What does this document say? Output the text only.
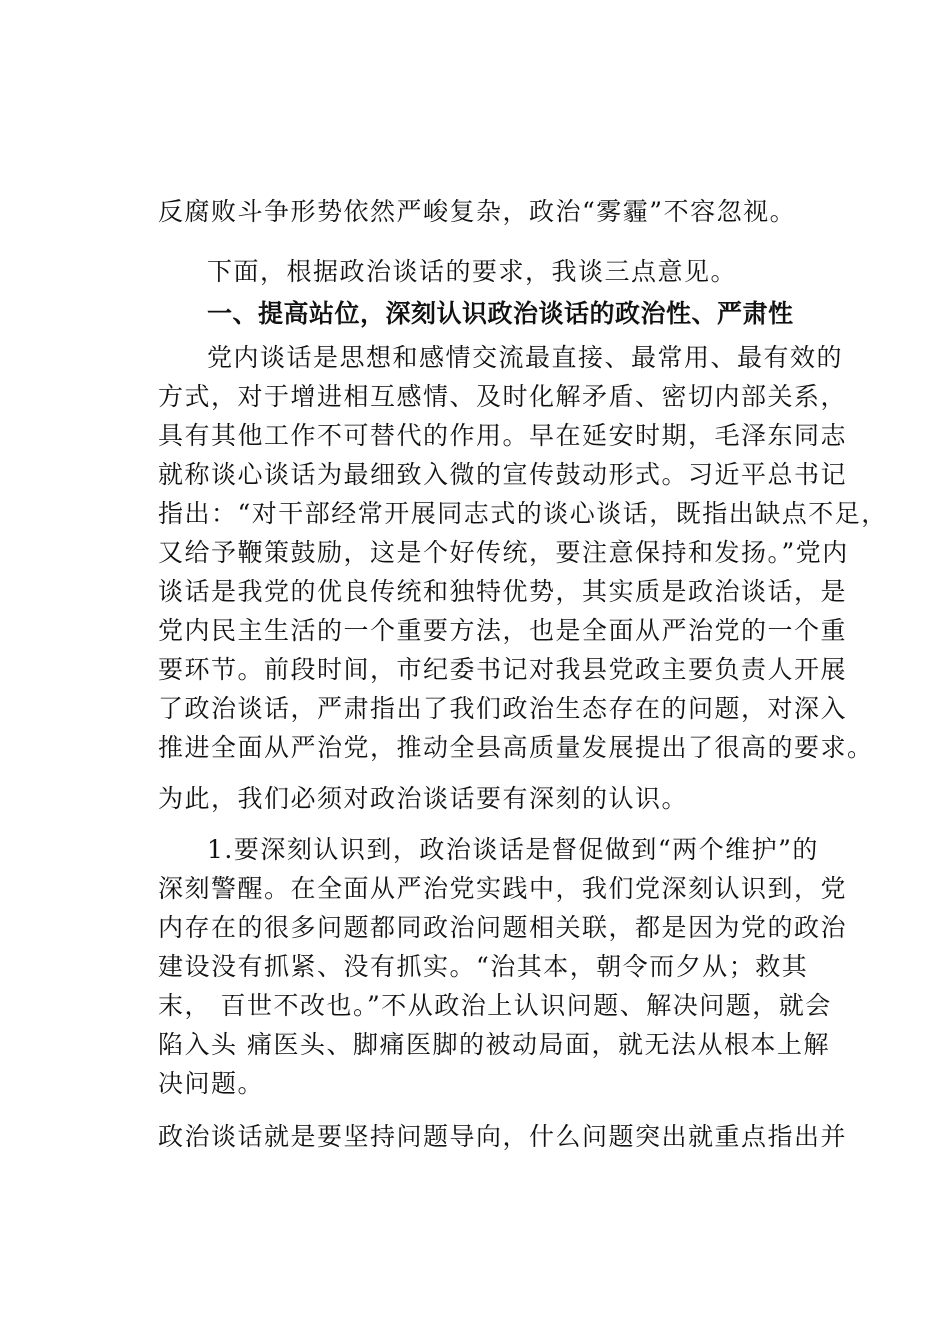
反腐败斗争形势依然严峻复杂，政治“雾霾”不容忽视。

下面，根据政治谈话的要求，我谈三点意见。

一、提高站位，深刻认识政治谈话的政治性、严肃性

党内谈话是思想和感情交流最直接、最常用、最有效的

方式，对于增进相互感情、及时化解矛盾、密切内部关系，

具有其他工作不可替代的作用。早在延安时期，毛泽东同志

就称谈心谈话为最细致入微的宣传鼓动形式。习近平总书记

指出：“对干部经常开展同志式的谈心谈话，既指出缺点不足，

又给予鞭策鼓励，这是个好传统，要注意保持和发扬。”党内

谈话是我党的优良传统和独特优势，其实质是政治谈话，是

党内民主生活的一个重要方法，也是全面从严治党的一个重

要环节。前段时间，市纪委书记对我县党政主要负责人开展

了政治谈话，严肃指出了我们政治生态存在的问题，对深入

推进全面从严治党，推动全县高质量发展提出了很高的要求。

为此，我们必须对政治谈话要有深刻的认识。

1.要深刻认识到，政治谈话是督促做到“两个维护”的

深刻警醒。在全面从严治党实践中，我们党深刻认识到，党

内存在的很多问题都同政治问题相关联，都是因为党的政治

建设没有抓紧、没有抓实。“治其本，朝令而夕从；救其

末， 百世不改也。”不从政治上认识问题、解决问题，就会

陷入头 痛医头、脚痛医脚的被动局面，就无法从根本上解

决问题。

政治谈话就是要坚持问题导向，什么问题突出就重点指出并
